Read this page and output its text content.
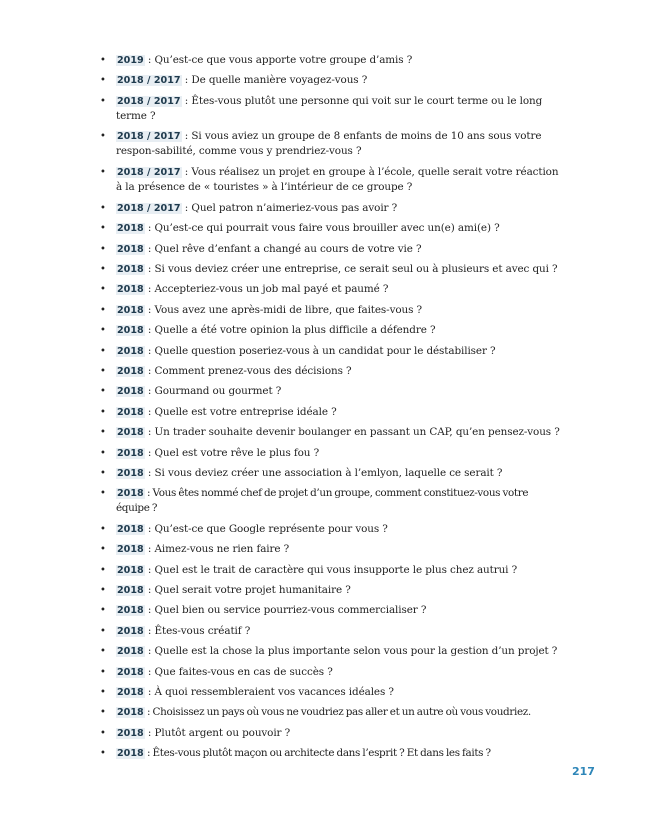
• 2019 : Qu’est-ce que vous apporte votre groupe d’amis ?
• 2018 / 2017 : De quelle manière voyagez-vous ?
• 2018 / 2017 : Êtes-vous plutôt une personne qui voit sur le court terme ou le long terme ?
• 2018 / 2017 : Si vous aviez un groupe de 8 enfants de moins de 10 ans sous votre respon-sabilité, comme vous y prendriez-vous ?
• 2018 / 2017 : Vous réalisez un projet en groupe à l’école, quelle serait votre réaction à la présence de « touristes » à l’intérieur de ce groupe ?
• 2018 / 2017 : Quel patron n’aimeriez-vous pas avoir ?
• 2018 : Qu’est-ce qui pourrait vous faire vous brouiller avec un(e) ami(e) ?
• 2018 : Quel rêve d’enfant a changé au cours de votre vie ?
• 2018 : Si vous deviez créer une entreprise, ce serait seul ou à plusieurs et avec qui ?
• 2018 : Accepteriez-vous un job mal payé et paumé ?
• 2018 : Vous avez une après-midi de libre, que faites-vous ?
• 2018 : Quelle a été votre opinion la plus difficile a défendre ?
• 2018 : Quelle question poseriez-vous à un candidat pour le déstabiliser ?
• 2018 : Comment prenez-vous des décisions ?
• 2018 : Gourmand ou gourmet ?
• 2018 : Quelle est votre entreprise idéale ?
• 2018 : Un trader souhaite devenir boulanger en passant un CAP, qu’en pensez-vous ?
• 2018 : Quel est votre rêve le plus fou ?
• 2018 : Si vous deviez créer une association à l’emlyon, laquelle ce serait ?
• 2018 : Vous êtes nommé chef de projet d’un groupe, comment constituez-vous votre équipe ?
• 2018 : Qu’est-ce que Google représente pour vous ?
• 2018 : Aimez-vous ne rien faire ?
• 2018 : Quel est le trait de caractère qui vous insupporte le plus chez autrui ?
• 2018 : Quel serait votre projet humanitaire ?
• 2018 : Quel bien ou service pourriez-vous commercialiser ?
• 2018 : Êtes-vous créatif ?
• 2018 : Quelle est la chose la plus importante selon vous pour la gestion d’un projet ?
• 2018 : Que faites-vous en cas de succès ?
• 2018 : À quoi ressembleraient vos vacances idéales ?
• 2018 : Choisissez un pays où vous ne voudriez pas aller et un autre où vous voudriez.
• 2018 : Plutôt argent ou pouvoir ?
• 2018 : Êtes-vous plutôt maçon ou architecte dans l’esprit ? Et dans les faits ?
217
